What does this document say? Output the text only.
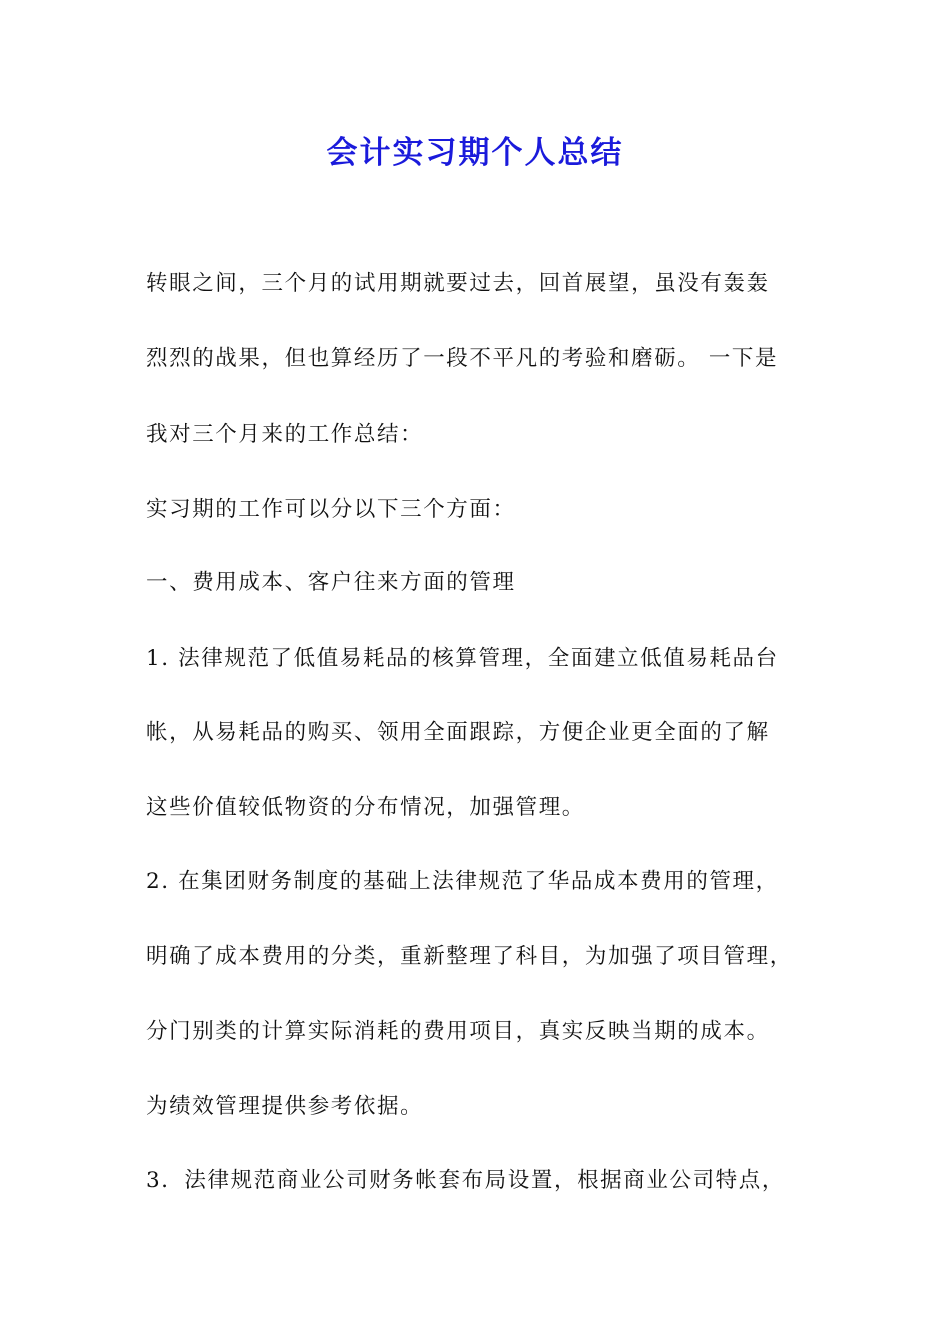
会计实习期个人总结
转眼之间，三个月的试用期就要过去，回首展望，虽没有轰轰
烈烈的战果，但也算经历了一段不平凡的考验和磨砺。 一下是
我对三个月来的工作总结：
实习期的工作可以分以下三个方面：
一、费用成本、客户往来方面的管理
1. 法律规范了低值易耗品的核算管理，全面建立低值易耗品台
帐，从易耗品的购买、领用全面跟踪，方便企业更全面的了解
这些价值较低物资的分布情况，加强管理。
2. 在集团财务制度的基础上法律规范了华品成本费用的管理，
明确了成本费用的分类，重新整理了科目，为加强了项目管理，
分门别类的计算实际消耗的费用项目，真实反映当期的成本。
为绩效管理提供参考依据。
3．法律规范商业公司财务帐套布局设置，根据商业公司特点，
